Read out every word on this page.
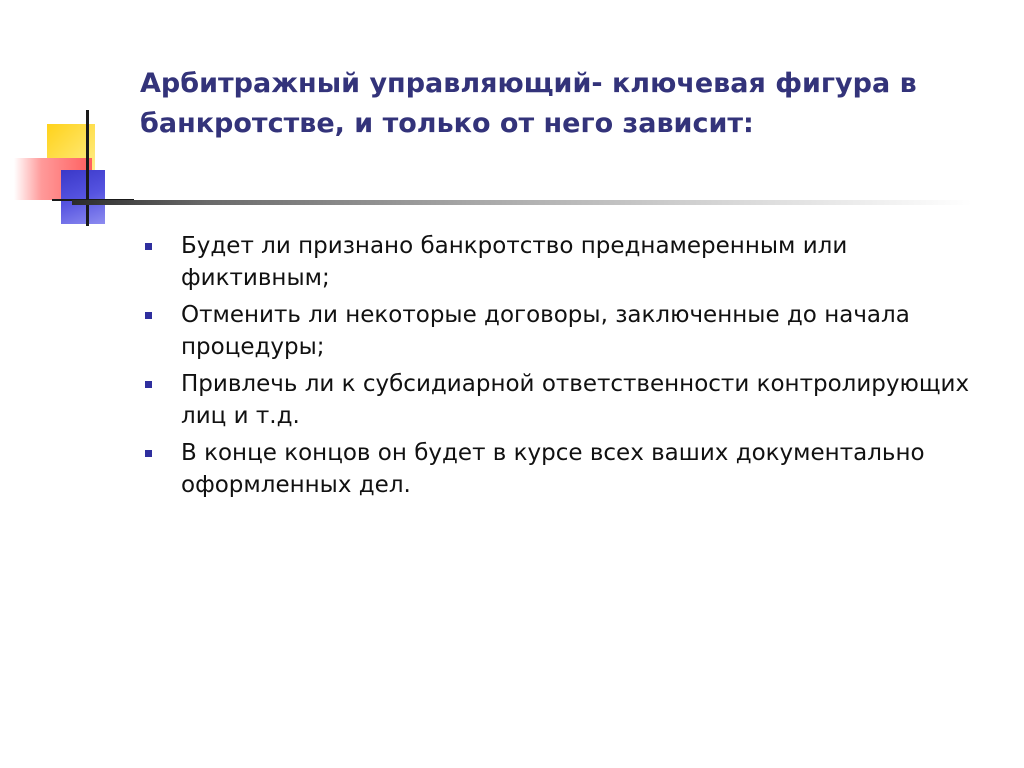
Арбитражный управляющий- ключевая фигура в банкротстве, и только от него зависит:
Будет ли признано банкротство преднамеренным или фиктивным;
Отменить ли некоторые договоры, заключенные до начала процедуры;
Привлечь ли к субсидиарной ответственности контролирующих лиц и т.д.
В конце концов он будет в курсе всех ваших документально оформленных дел.
